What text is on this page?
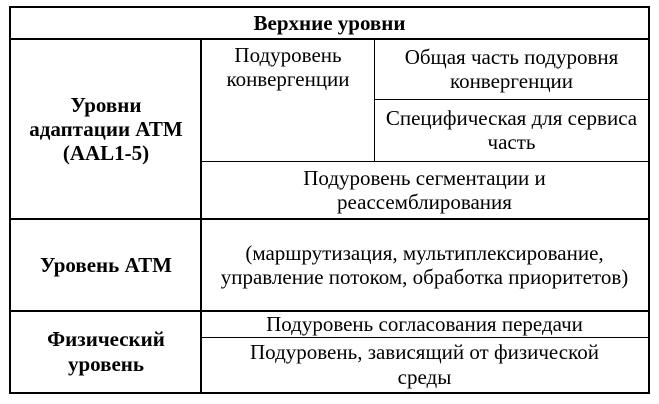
Верхние уровни
Уровни адаптации ATM (AAL1-5)
Подуровень конвергенции
Общая часть подуровня конвергенции
Специфическая для сервиса часть
Подуровень сегментации и реассемблирования
Уровень ATM
(маршрутизация, мультиплексирование, управление потоком, обработка приоритетов)
Физический уровень
Подуровень согласования передачи
Подуровень, зависящий от физической среды
